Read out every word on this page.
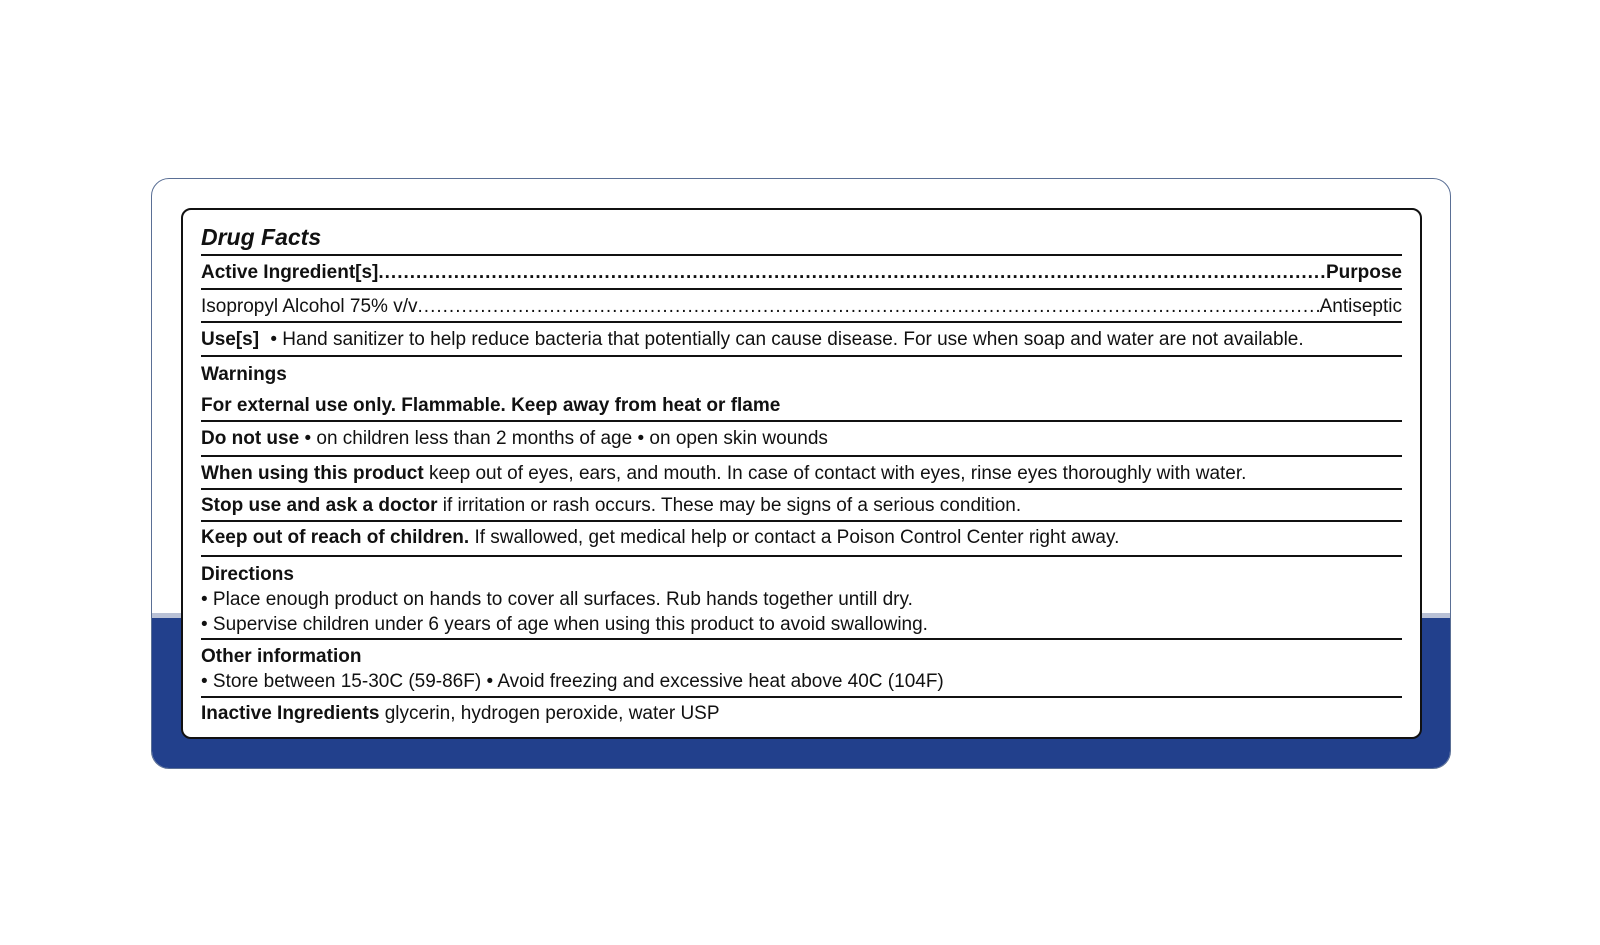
Drug Facts
Active Ingredient[s] .....	Purpose
Isopropyl Alcohol 75% v/v .....	Antiseptic
Use[s] • Hand sanitizer to help reduce bacteria that potentially can cause disease. For use when soap and water are not available.
Warnings
For external use only. Flammable. Keep away from heat or flame
Do not use • on children less than 2 months of age • on open skin wounds
When using this product keep out of eyes, ears, and mouth. In case of contact with eyes, rinse eyes thoroughly with water.
Stop use and ask a doctor if irritation or rash occurs. These may be signs of a serious condition.
Keep out of reach of children. If swallowed, get medical help or contact a Poison Control Center right away.
Directions
• Place enough product on hands to cover all surfaces. Rub hands together untill dry.
• Supervise children under 6 years of age when using this product to avoid swallowing.
Other information
• Store between 15-30C (59-86F) • Avoid freezing and excessive heat above 40C (104F)
Inactive Ingredients glycerin, hydrogen peroxide, water USP
